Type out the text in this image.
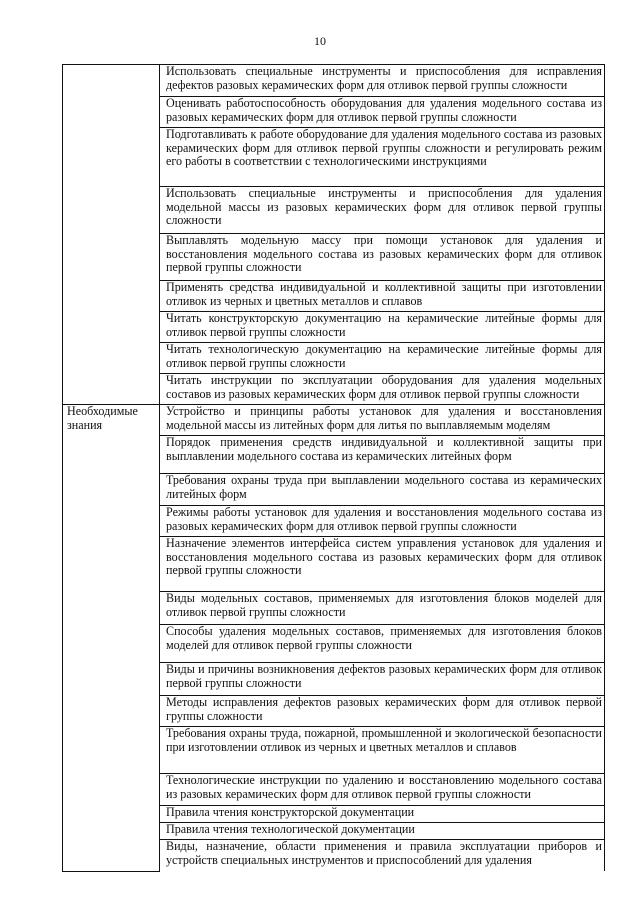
10
	Использовать специальные инструменты и приспособления для исправления дефектов разовых керамических форм для отливок первой группы сложности
	Оценивать работоспособность оборудования для удаления модельного состава из разовых керамических форм для отливок первой группы сложности
	Подготавливать к работе оборудование для удаления модельного состава из разовых керамических форм для отливок первой группы сложности и регулировать режим его работы в соответствии с технологическими инструкциями
	Использовать специальные инструменты и приспособления для удаления модельной массы из разовых керамических форм для отливок первой группы сложности
	Выплавлять модельную массу при помощи установок для удаления и восстановления модельного состава из разовых керамических форм для отливок первой группы сложности
	Применять средства индивидуальной и коллективной защиты при изготовлении отливок из черных и цветных металлов и сплавов
	Читать конструкторскую документацию на керамические литейные формы для отливок первой группы сложности
	Читать технологическую документацию на керамические литейные формы для отливок первой группы сложности
	Читать инструкции по эксплуатации оборудования для удаления модельных составов из разовых керамических форм для отливок первой группы сложности
Необходимые знания	Устройство и принципы работы установок для удаления и восстановления модельной массы из литейных форм для литья по выплавляемым моделям
	Порядок применения средств индивидуальной и коллективной защиты при выплавлении модельного состава из керамических литейных форм
	Требования охраны труда при выплавлении модельного состава из керамических литейных форм
	Режимы работы установок для удаления и восстановления модельного состава из разовых керамических форм для отливок первой группы сложности
	Назначение элементов интерфейса систем управления установок для удаления и восстановления модельного состава из разовых керамических форм для отливок первой группы сложности
	Виды модельных составов, применяемых для изготовления блоков моделей для отливок первой группы сложности
	Способы удаления модельных составов, применяемых для изготовления блоков моделей для отливок первой группы сложности
	Виды и причины возникновения дефектов разовых керамических форм для отливок первой группы сложности
	Методы исправления дефектов разовых керамических форм для отливок первой группы сложности
	Требования охраны труда, пожарной, промышленной и экологической безопасности при изготовлении отливок из черных и цветных металлов и сплавов
	Технологические инструкции по удалению и восстановлению модельного состава из разовых керамических форм для отливок первой группы сложности
	Правила чтения конструкторской документации
	Правила чтения технологической документации
	Виды, назначение, области применения и правила эксплуатации приборов и устройств специальных инструментов и приспособлений для удаления
